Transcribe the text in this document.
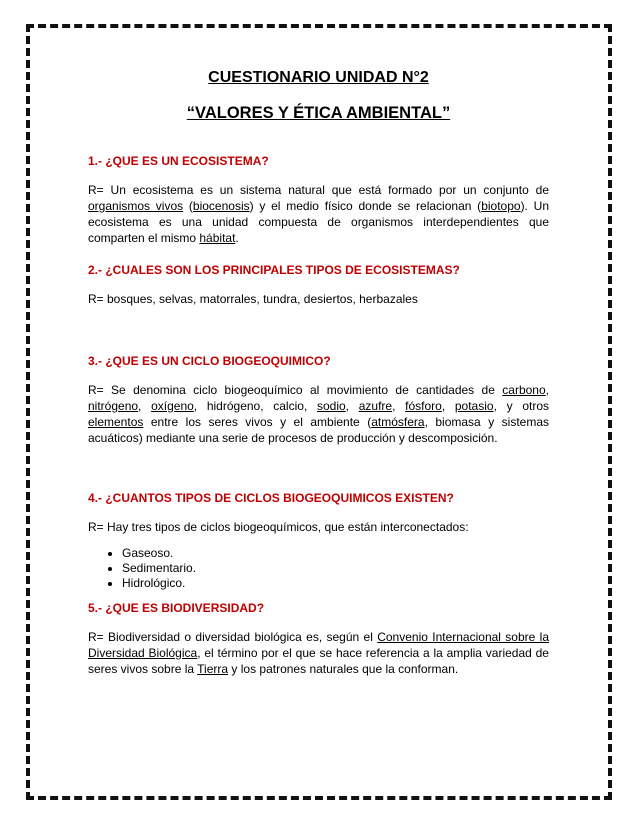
CUESTIONARIO UNIDAD N°2
“VALORES Y ÉTICA AMBIENTAL”
1.- ¿QUE ES UN ECOSISTEMA?
R= Un ecosistema es un sistema natural que está formado por un conjunto de organismos vivos (biocenosis) y el medio físico donde se relacionan (biotopo). Un ecosistema es una unidad compuesta de organismos interdependientes que comparten el mismo hábitat.
2.- ¿CUALES SON LOS PRINCIPALES TIPOS DE ECOSISTEMAS?
R= bosques, selvas, matorrales, tundra, desiertos, herbazales
3.- ¿QUE ES UN CICLO BIOGEOQUIMICO?
R= Se denomina ciclo biogeoquímico al movimiento de cantidades de carbono, nitrógeno, oxígeno, hidrógeno, calcio, sodio, azufre, fósforo, potasio, y otros elementos entre los seres vivos y el ambiente (atmósfera, biomasa y sistemas acuáticos) mediante una serie de procesos de producción y descomposición.
4.- ¿CUANTOS TIPOS DE CICLOS BIOGEOQUIMICOS EXISTEN?
R= Hay tres tipos de ciclos biogeoquímicos, que están interconectados:
• Gaseoso.
• Sedimentario.
• Hidrológico.
5.- ¿QUE ES BIODIVERSIDAD?
R= Biodiversidad o diversidad biológica es, según el Convenio Internacional sobre la Diversidad Biológica, el término por el que se hace referencia a la amplia variedad de seres vivos sobre la Tierra y los patrones naturales que la conforman.
